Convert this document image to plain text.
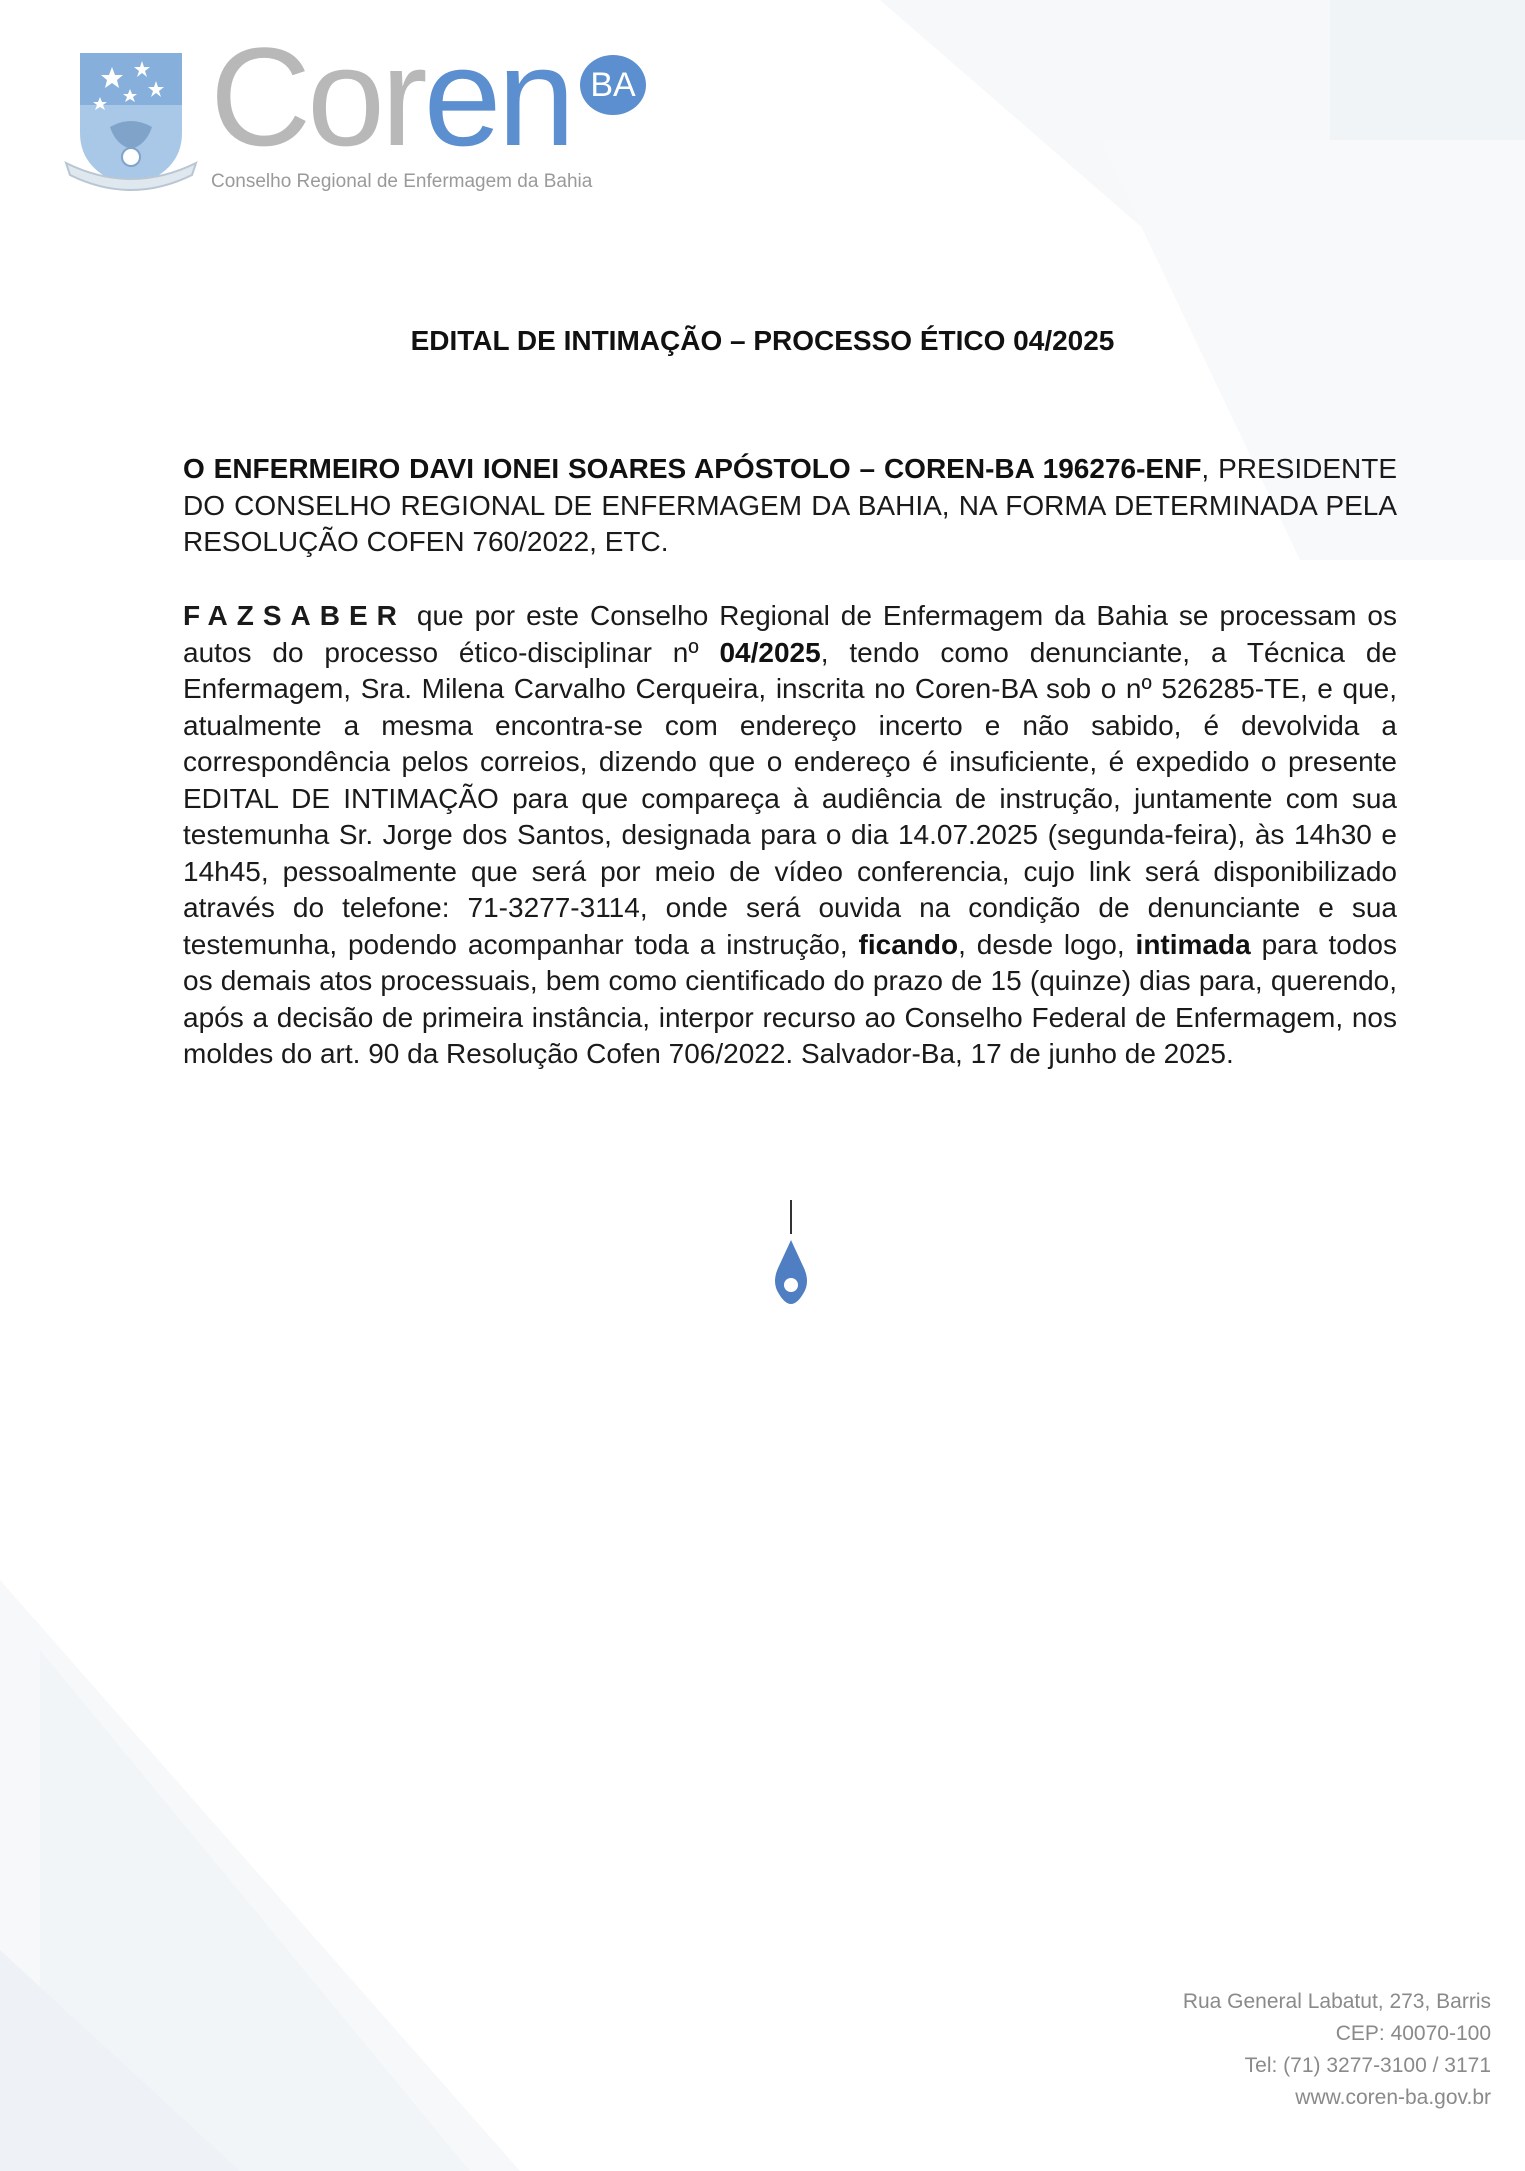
Coren BA
Conselho Regional de Enfermagem da Bahia
EDITAL DE INTIMAÇÃO – PROCESSO ÉTICO 04/2025
O ENFERMEIRO DAVI IONEI SOARES APÓSTOLO – COREN-BA 196276-ENF, PRESIDENTE DO CONSELHO REGIONAL DE ENFERMAGEM DA BAHIA, NA FORMA DETERMINADA PELA RESOLUÇÃO COFEN 760/2022, ETC.
FAZSABER que por este Conselho Regional de Enfermagem da Bahia se processam os autos do processo ético-disciplinar nº 04/2025, tendo como denunciante, a Técnica de Enfermagem, Sra. Milena Carvalho Cerqueira, inscrita no Coren-BA sob o nº 526285-TE, e que, atualmente a mesma encontra-se com endereço incerto e não sabido, é devolvida a correspondência pelos correios, dizendo que o endereço é insuficiente, é expedido o presente EDITAL DE INTIMAÇÃO para que compareça à audiência de instrução, juntamente com sua testemunha Sr. Jorge dos Santos, designada para o dia 14.07.2025 (segunda-feira), às 14h30 e 14h45, pessoalmente que será por meio de vídeo conferencia, cujo link será disponibilizado através do telefone: 71-3277-3114, onde será ouvida na condição de denunciante e sua testemunha, podendo acompanhar toda a instrução, ficando, desde logo, intimada para todos os demais atos processuais, bem como cientificado do prazo de 15 (quinze) dias para, querendo, após a decisão de primeira instância, interpor recurso ao Conselho Federal de Enfermagem, nos moldes do art. 90 da Resolução Cofen 706/2022. Salvador-Ba, 17 de junho de 2025.
Rua General Labatut, 273, Barris
CEP: 40070-100
Tel: (71) 3277-3100 / 3171
www.coren-ba.gov.br
